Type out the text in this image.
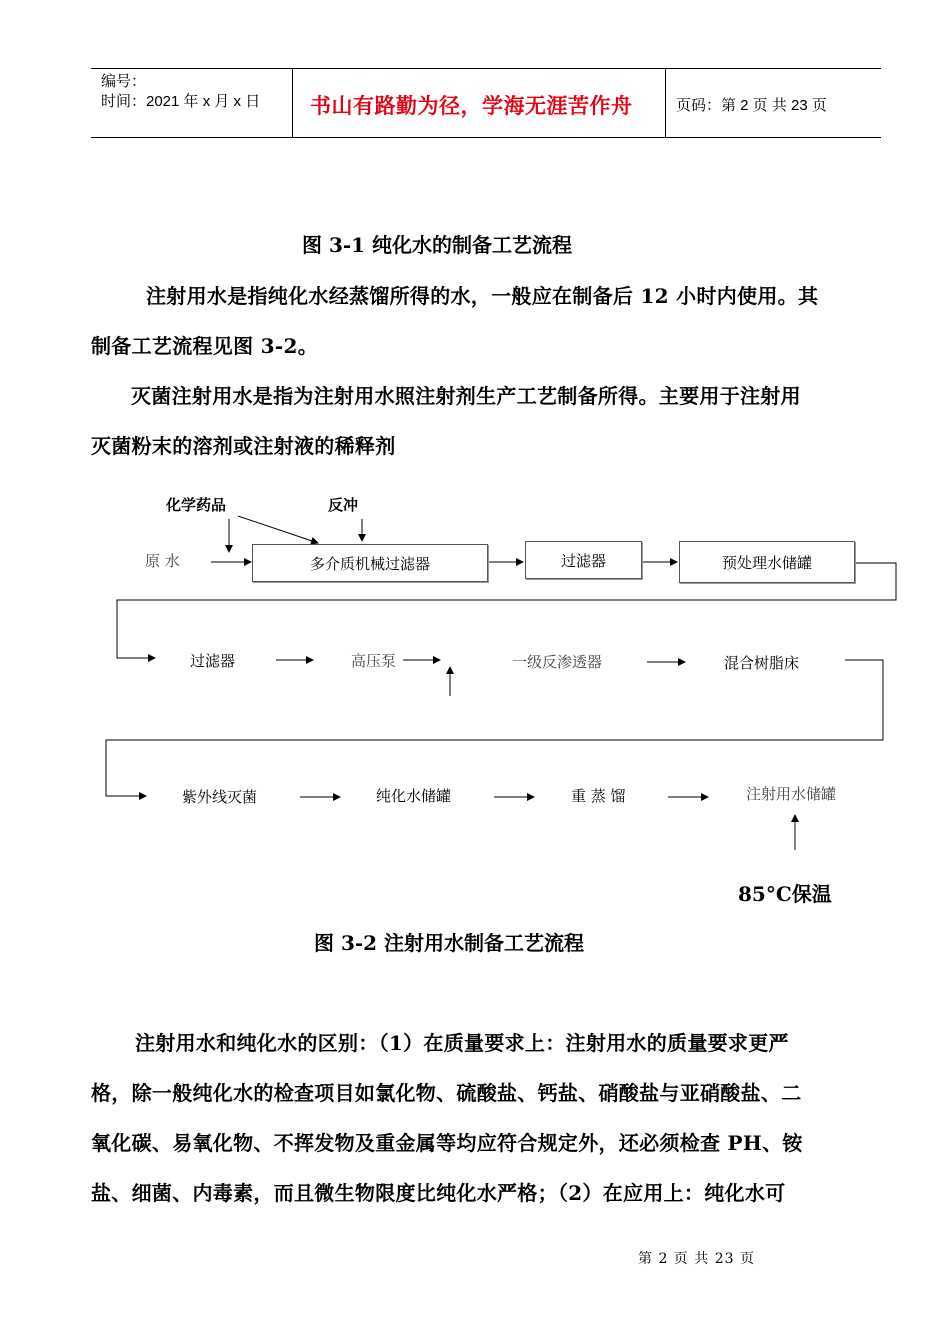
编号：
时间：2021 年 x 月 x 日 书山有路勤为径，学海无涯苦作舟	页码：第 2 页 共 23 页
图 3-1 纯化水的制备工艺流程
注射用水是指纯化水经蒸馏所得的水，一般应在制备后 12 小时内使用。其
制备工艺流程见图 3-2。
灭菌注射用水是指为注射用水照注射剂生产工艺制备所得。主要用于注射用
灭菌粉末的溶剂或注射液的稀释剂
化学药品	反冲
原 水	多介质机械过滤器	过滤器	预处理水储罐
过滤器	高压泵	一级反渗透器	混合树脂床
紫外线灭菌	纯化水储罐	重 蒸 馏	注射用水储罐
85°C保温
图 3-2 注射用水制备工艺流程
注射用水和纯化水的区别：（1）在质量要求上：注射用水的质量要求更严
格，除一般纯化水的检查项目如氯化物、硫酸盐、钙盐、硝酸盐与亚硝酸盐、二
氧化碳、易氧化物、不挥发物及重金属等均应符合规定外，还必须检查 PH、铵
盐、细菌、内毒素，而且微生物限度比纯化水严格；（2）在应用上：纯化水可
第 2 页 共 23 页
